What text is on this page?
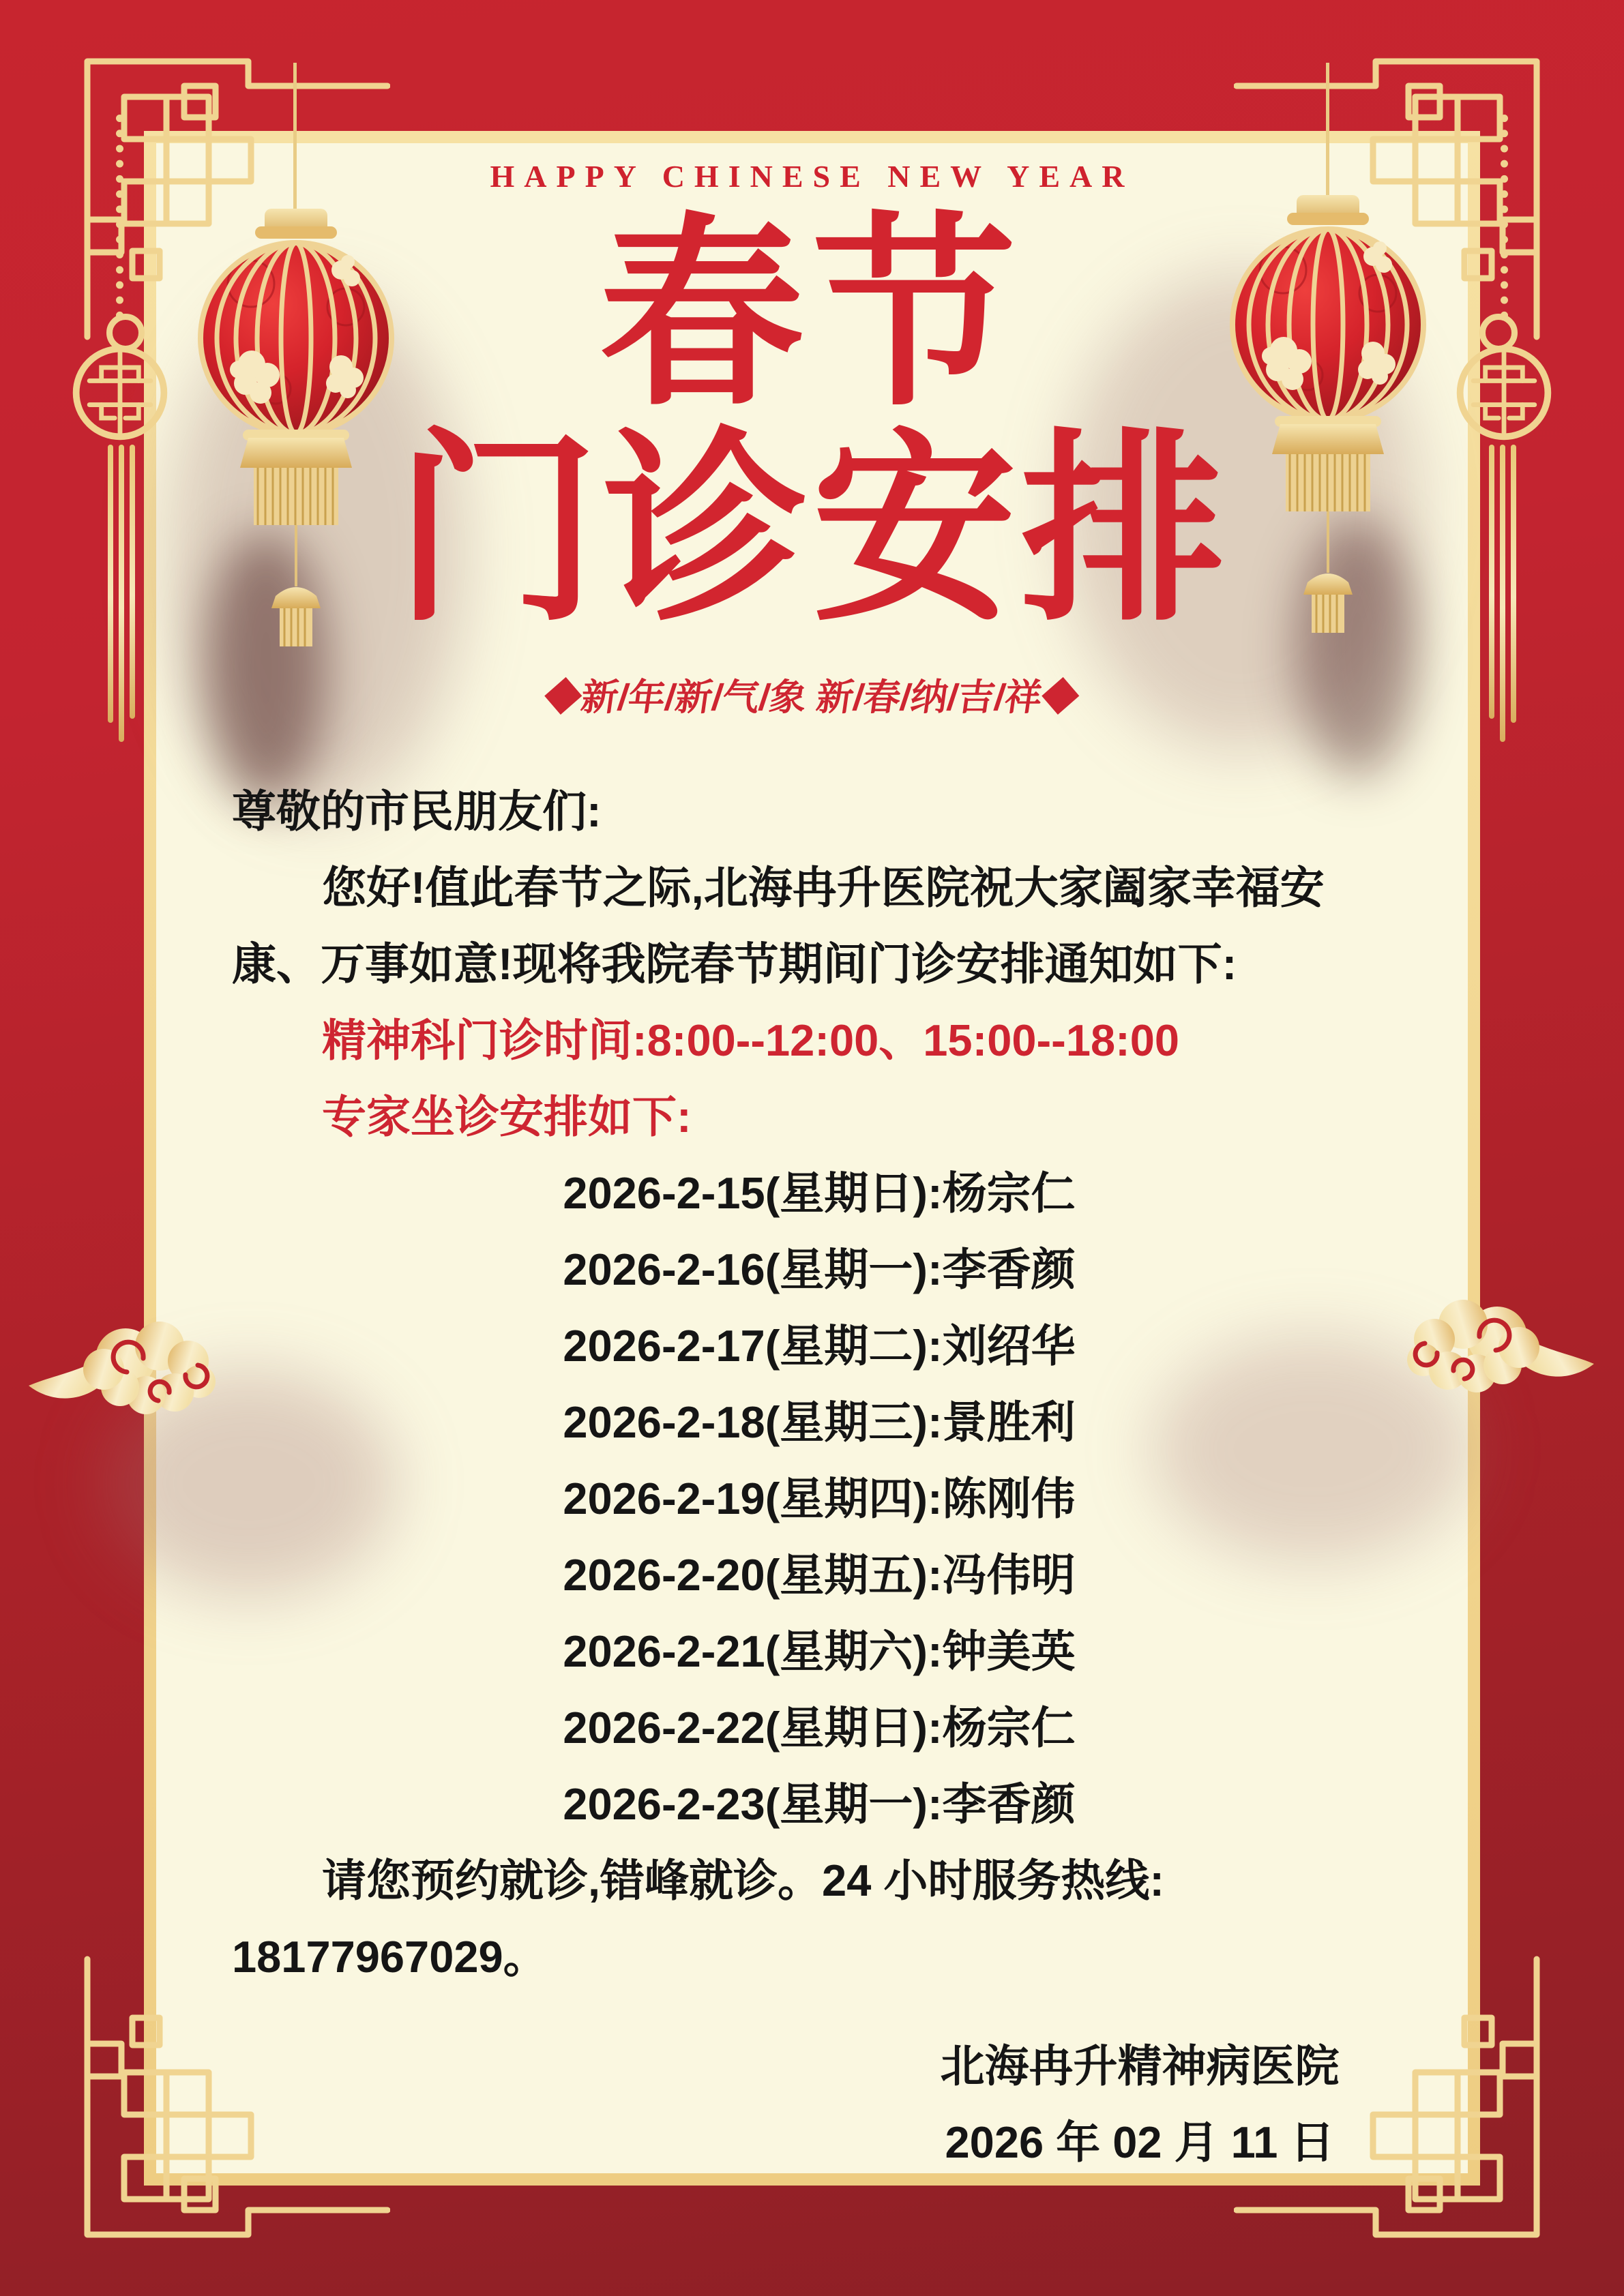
HAPPY CHINESE NEW YEAR
春节
门诊安排
◆新/年/新/气/象 新/春/纳/吉/祥◆
尊敬的市民朋友们:
您好!值此春节之际,北海冉升医院祝大家阖家幸福安
康、万事如意!现将我院春节期间门诊安排通知如下:
精神科门诊时间:8:00--12:00、15:00--18:00
专家坐诊安排如下:
2026-2-15(星期日):杨宗仁
2026-2-16(星期一):李香颜
2026-2-17(星期二):刘绍华
2026-2-18(星期三):景胜利
2026-2-19(星期四):陈刚伟
2026-2-20(星期五):冯伟明
2026-2-21(星期六):钟美英
2026-2-22(星期日):杨宗仁
2026-2-23(星期一):李香颜
请您预约就诊,错峰就诊。24 小时服务热线:
18177967029。
北海冉升精神病医院
2026 年 02 月 11 日
